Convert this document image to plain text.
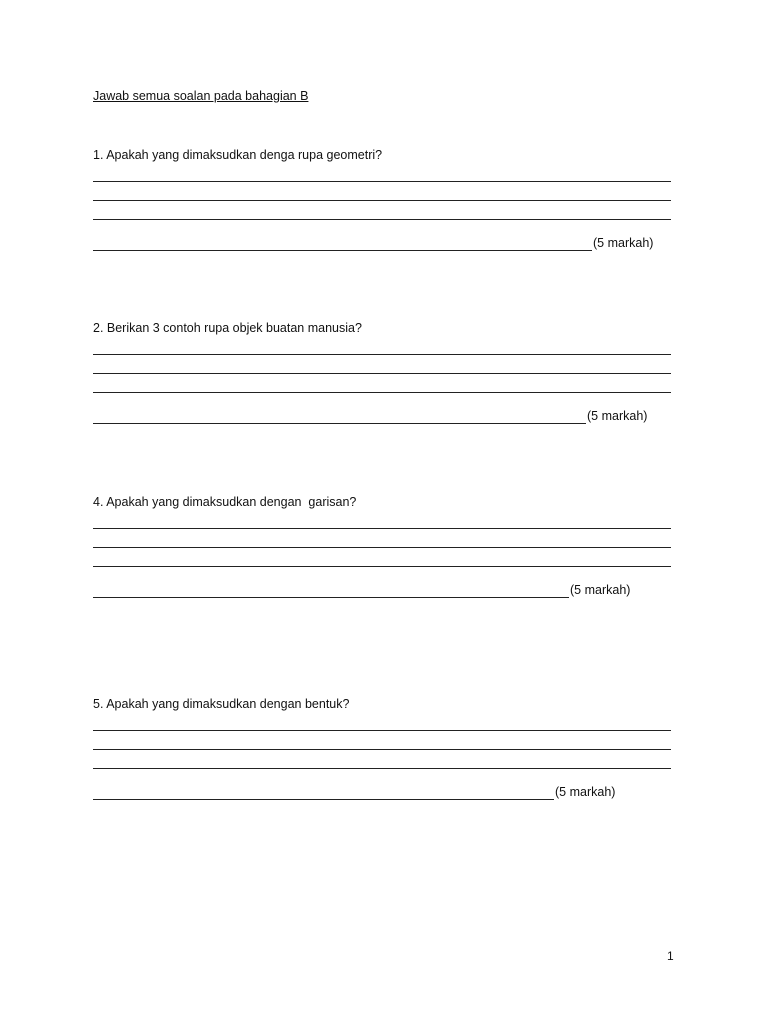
Jawab semua soalan pada bahagian B
1. Apakah yang dimaksudkan denga rupa geometri?
(5 markah)
2. Berikan 3 contoh rupa objek buatan manusia?
(5 markah)
4. Apakah yang dimaksudkan dengan  garisan?
(5 markah)
5. Apakah yang dimaksudkan dengan bentuk?
(5 markah)
1
